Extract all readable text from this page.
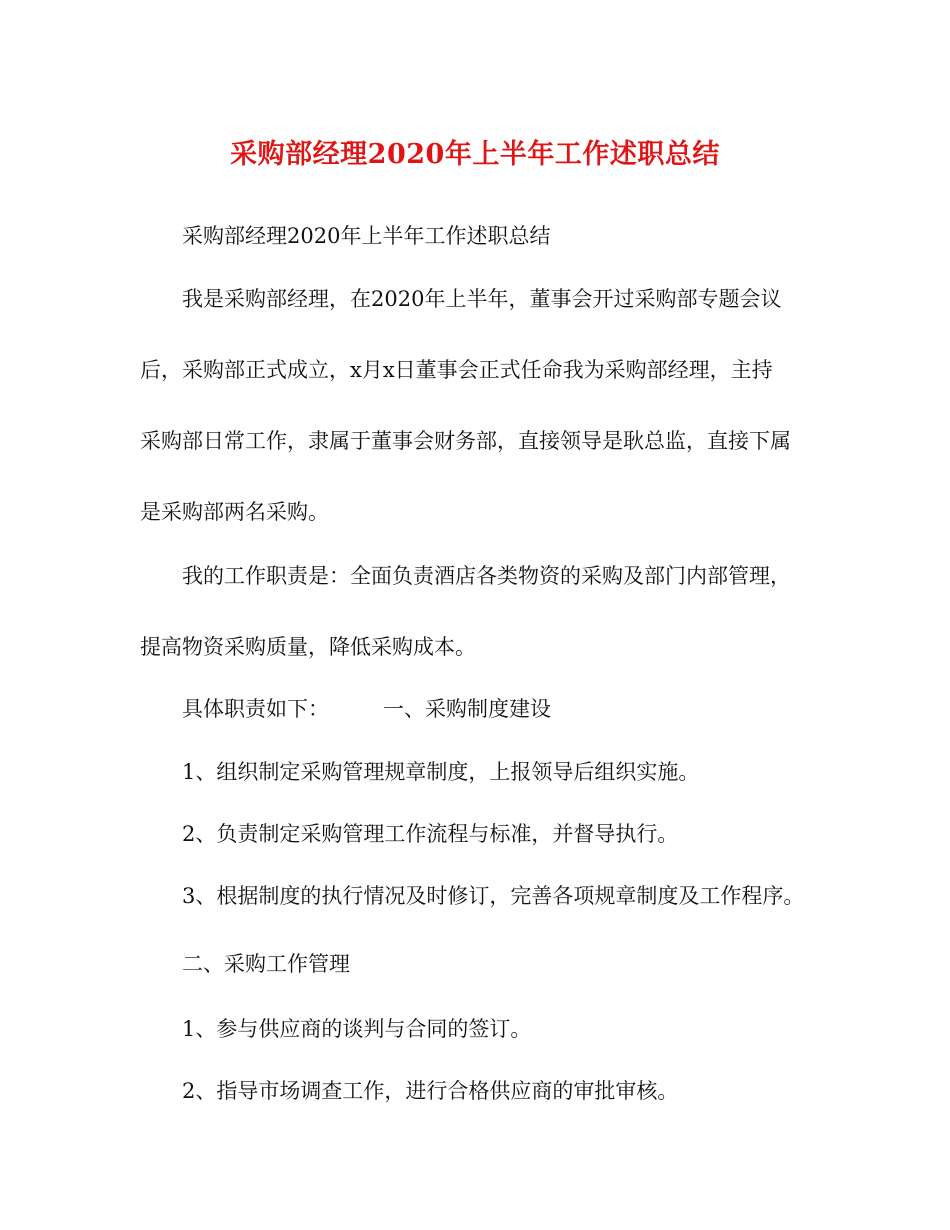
采购部经理2020年上半年工作述职总结
采购部经理2020年上半年工作述职总结
我是采购部经理，在2020年上半年，董事会开过采购部专题会议
后，采购部正式成立，x月x日董事会正式任命我为采购部经理，主持
采购部日常工作，隶属于董事会财务部，直接领导是耿总监，直接下属
是采购部两名采购。
我的工作职责是：全面负责酒店各类物资的采购及部门内部管理，
提高物资采购质量，降低采购成本。
具体职责如下：	一、采购制度建设
1、组织制定采购管理规章制度，上报领导后组织实施。
2、负责制定采购管理工作流程与标准，并督导执行。
3、根据制度的执行情况及时修订，完善各项规章制度及工作程序。
二、采购工作管理
1、参与供应商的谈判与合同的签订。
2、指导市场调查工作，进行合格供应商的审批审核。
